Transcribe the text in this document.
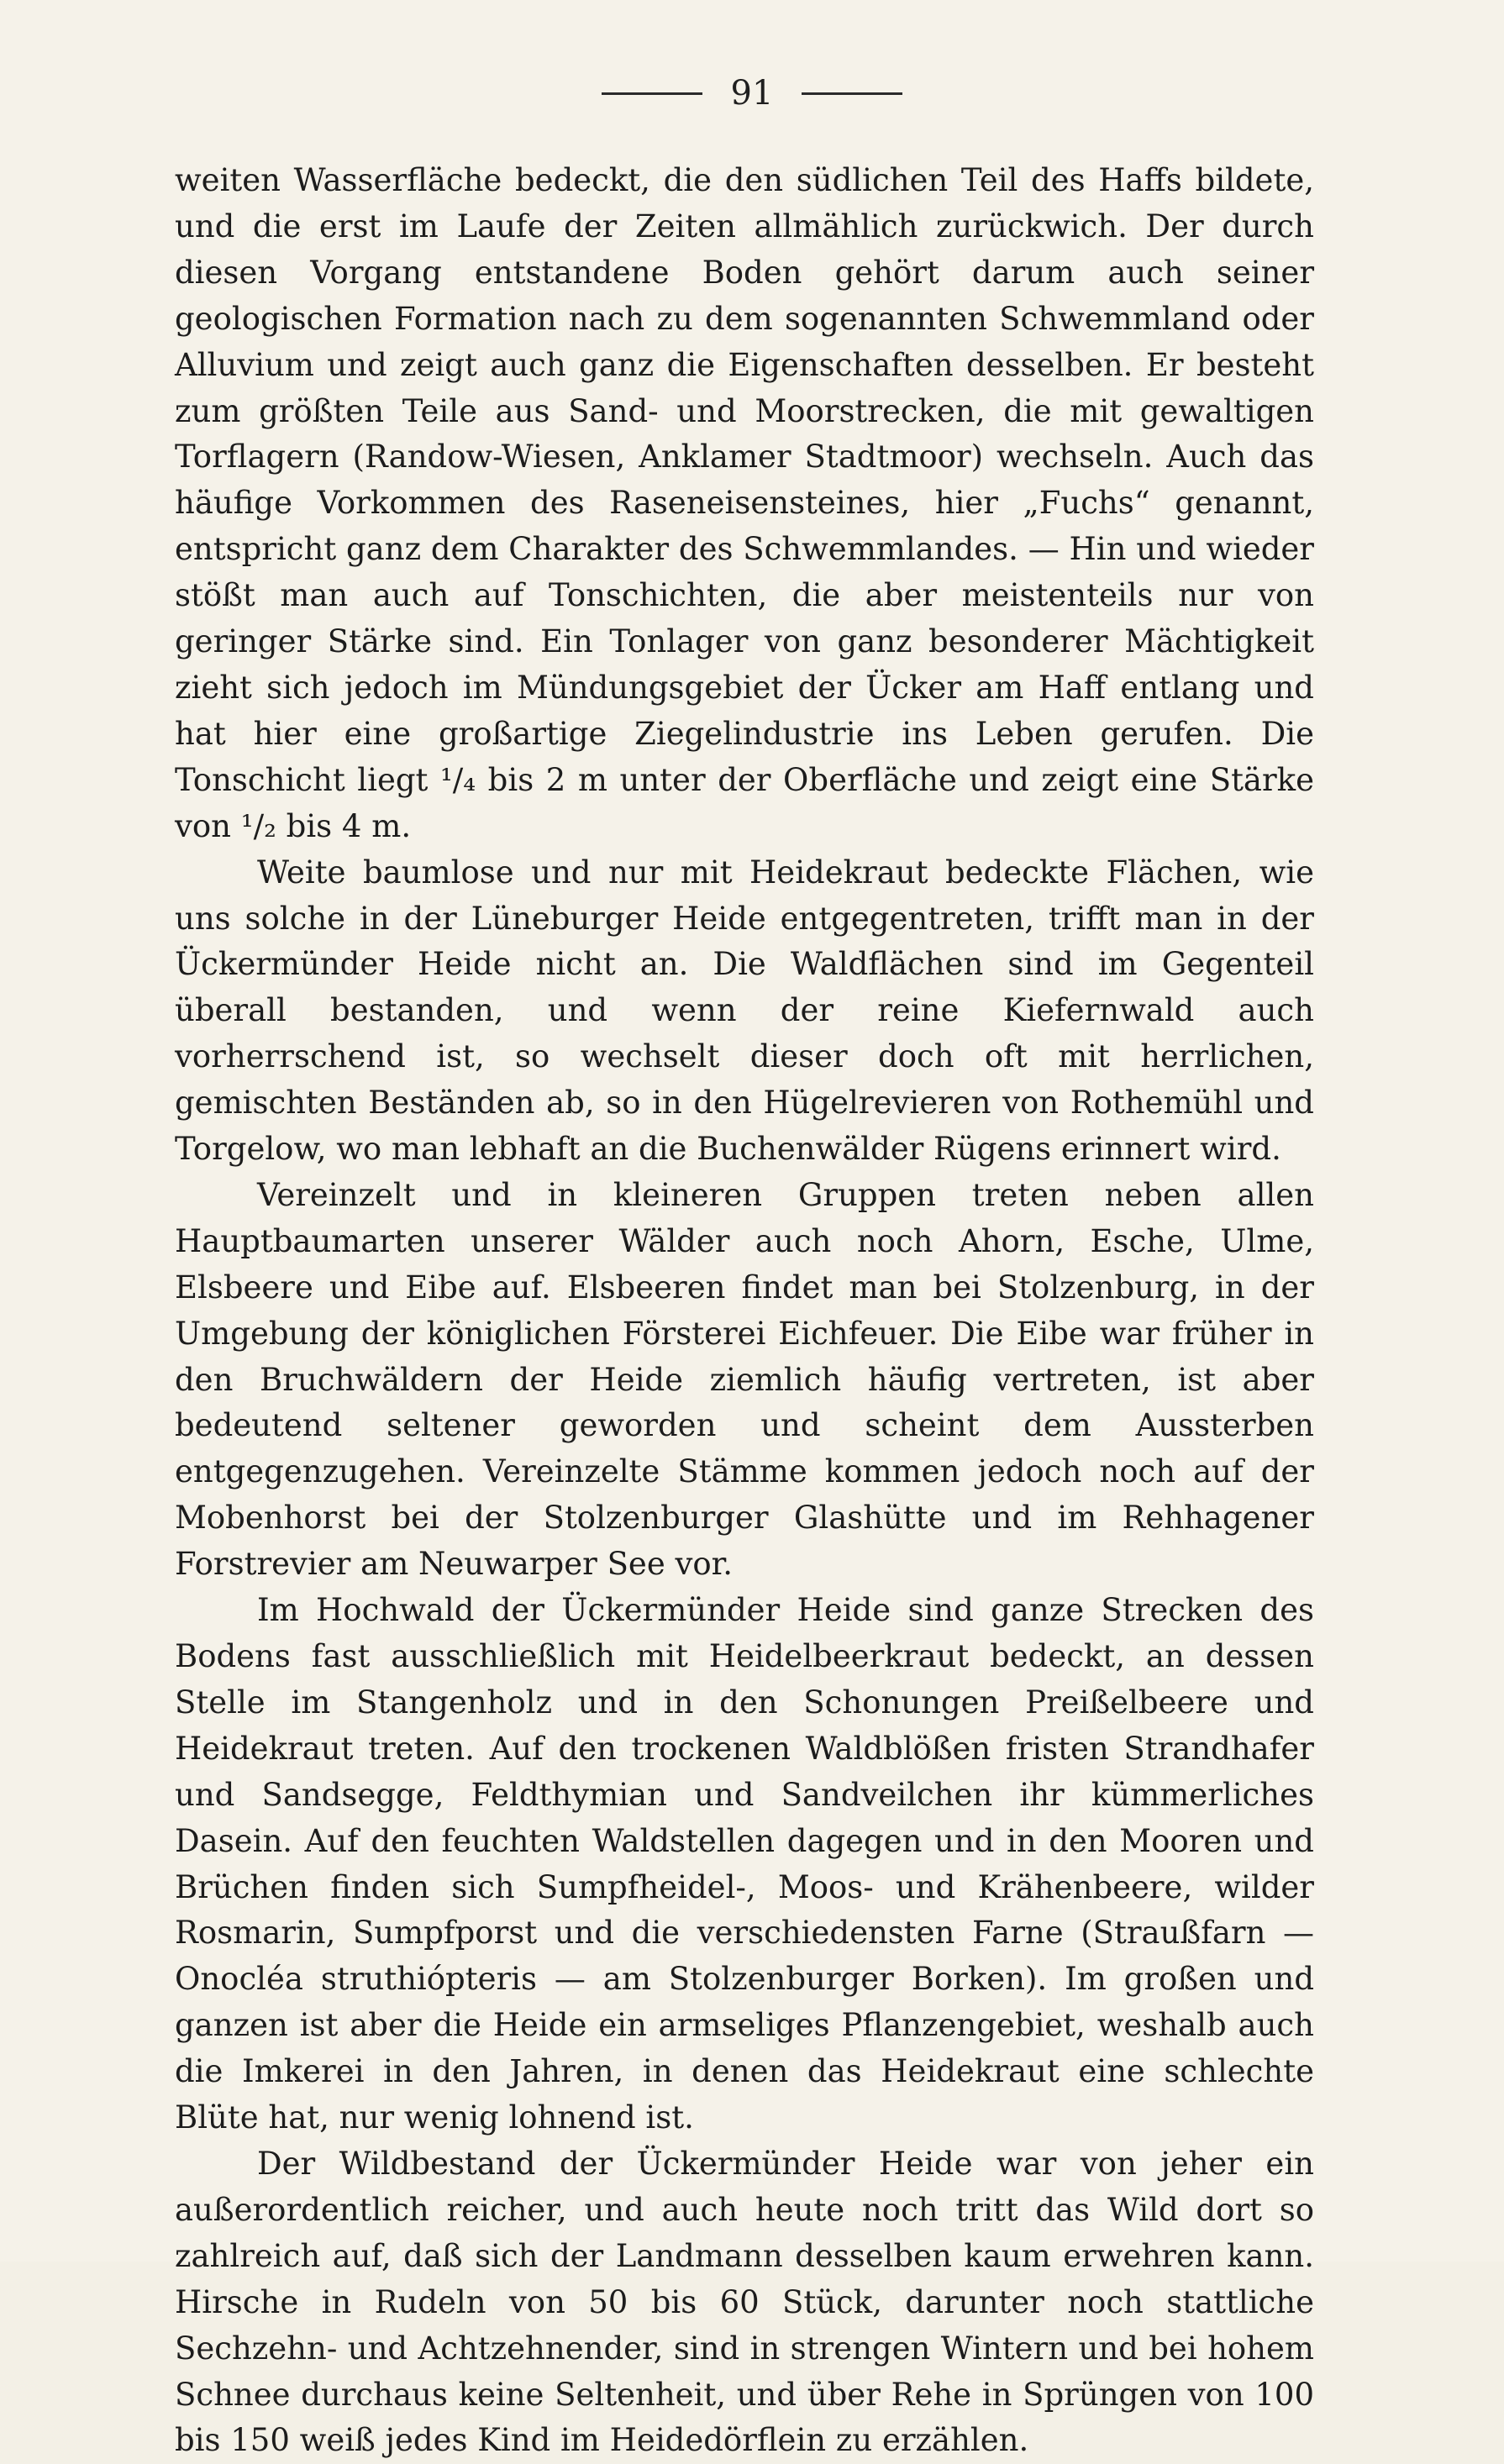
91

weiten Wasserfläche bedeckt, die den südlichen Teil des Haffs bildete, und die erst im Laufe der Zeiten allmählich zurückwich. Der durch diesen Vorgang entstandene Boden gehört darum auch seiner geologischen Formation nach zu dem sogenannten Schwemmland oder Alluvium und zeigt auch ganz die Eigenschaften desselben. Er besteht zum größten Teile aus Sand- und Moorstrecken, die mit gewaltigen Torflagern (Randow-Wiesen, Anklamer Stadtmoor) wechseln. Auch das häufige Vorkommen des Raseneisensteines, hier „Fuchs“ genannt, entspricht ganz dem Charakter des Schwemmlandes. — Hin und wieder stößt man auch auf Tonschichten, die aber meistenteils nur von geringer Stärke sind. Ein Tonlager von ganz besonderer Mächtigkeit zieht sich jedoch im Mündungsgebiet der Ücker am Haff entlang und hat hier eine großartige Ziegelindustrie ins Leben gerufen. Die Tonschicht liegt ¹/₄ bis 2 m unter der Oberfläche und zeigt eine Stärke von ¹/₂ bis 4 m.

Weite baumlose und nur mit Heidekraut bedeckte Flächen, wie uns solche in der Lüneburger Heide entgegentreten, trifft man in der Ückermünder Heide nicht an. Die Waldflächen sind im Gegenteil überall bestanden, und wenn der reine Kiefernwald auch vorherrschend ist, so wechselt dieser doch oft mit herrlichen, gemischten Beständen ab, so in den Hügelrevieren von Rothemühl und Torgelow, wo man lebhaft an die Buchenwälder Rügens erinnert wird.

Vereinzelt und in kleineren Gruppen treten neben allen Hauptbaumarten unserer Wälder auch noch Ahorn, Esche, Ulme, Elsbeere und Eibe auf. Elsbeeren findet man bei Stolzenburg, in der Umgebung der königlichen Försterei Eichfeuer. Die Eibe war früher in den Bruchwäldern der Heide ziemlich häufig vertreten, ist aber bedeutend seltener geworden und scheint dem Aussterben entgegenzugehen. Vereinzelte Stämme kommen jedoch noch auf der Mobenhorst bei der Stolzenburger Glashütte und im Rehhagener Forstrevier am Neuwarper See vor.

Im Hochwald der Ückermünder Heide sind ganze Strecken des Bodens fast ausschließlich mit Heidelbeerkraut bedeckt, an dessen Stelle im Stangenholz und in den Schonungen Preißelbeere und Heidekraut treten. Auf den trockenen Waldblößen fristen Strandhafer und Sandsegge, Feldthymian und Sandveilchen ihr kümmerliches Dasein. Auf den feuchten Waldstellen dagegen und in den Mooren und Brüchen finden sich Sumpfheidel-, Moos- und Krähenbeere, wilder Rosmarin, Sumpfporst und die verschiedensten Farne (Straußfarn — Onocléa struthiópteris — am Stolzenburger Borken). Im großen und ganzen ist aber die Heide ein armseliges Pflanzengebiet, weshalb auch die Imkerei in den Jahren, in denen das Heidekraut eine schlechte Blüte hat, nur wenig lohnend ist.

Der Wildbestand der Ückermünder Heide war von jeher ein außerordentlich reicher, und auch heute noch tritt das Wild dort so zahlreich auf, daß sich der Landmann desselben kaum erwehren kann. Hirsche in Rudeln von 50 bis 60 Stück, darunter noch stattliche Sechzehn- und Achtzehnender, sind in strengen Wintern und bei hohem Schnee durchaus keine Seltenheit, und über Rehe in Sprüngen von 100 bis 150 weiß jedes Kind im Heidedörflein zu erzählen.
